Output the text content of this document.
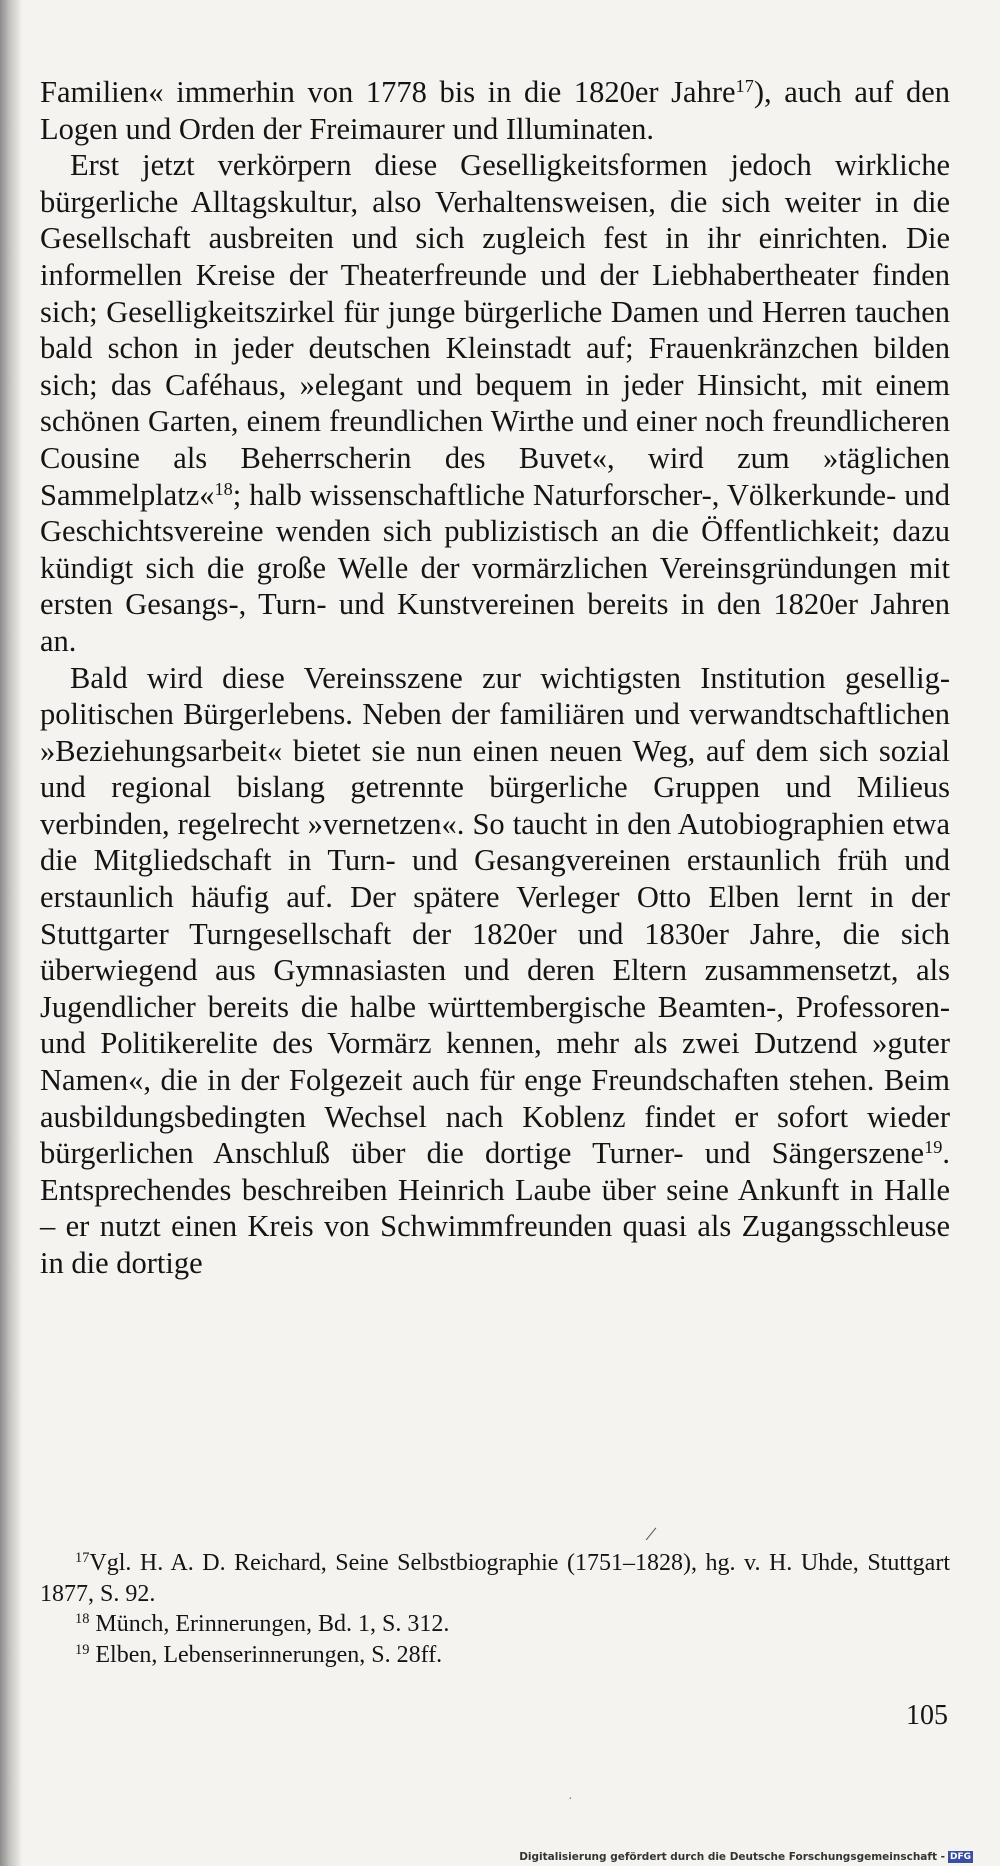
Familien« immerhin von 1778 bis in die 1820er Jahre$^{17}$), auch auf den Logen und Orden der Freimaurer und Illuminaten.

Erst jetzt verkörpern diese Geselligkeitsformen jedoch wirkliche bürgerliche Alltagskultur, also Verhaltensweisen, die sich weiter in die Gesellschaft ausbreiten und sich zugleich fest in ihr einrichten. Die informellen Kreise der Theaterfreunde und der Liebhabertheater finden sich; Geselligkeitszirkel für junge bürgerliche Damen und Herren tauchen bald schon in jeder deutschen Kleinstadt auf; Frauenkränzchen bilden sich; das Caféhaus, »elegant und bequem in jeder Hinsicht, mit einem schönen Garten, einem freundlichen Wirthe und einer noch freundlicheren Cousine als Beherrscherin des Buvet«, wird zum »täglichen Sammelplatz«$^{18}$; halb wissenschaftliche Naturforscher-, Völkerkunde- und Geschichtsvereine wenden sich publizistisch an die Öffentlichkeit; dazu kündigt sich die große Welle der vormärzlichen Vereinsgründungen mit ersten Gesangs-, Turn- und Kunstvereinen bereits in den 1820er Jahren an.

Bald wird diese Vereinsszene zur wichtigsten Institution gesellig-politischen Bürgerlebens. Neben der familiären und verwandtschaftlichen »Beziehungsarbeit« bietet sie nun einen neuen Weg, auf dem sich sozial und regional bislang getrennte bürgerliche Gruppen und Milieus verbinden, regelrecht »vernetzen«. So taucht in den Autobiographien etwa die Mitgliedschaft in Turn- und Gesangvereinen erstaunlich früh und erstaunlich häufig auf. Der spätere Verleger Otto Elben lernt in der Stuttgarter Turngesellschaft der 1820er und 1830er Jahre, die sich überwiegend aus Gymnasiasten und deren Eltern zusammensetzt, als Jugendlicher bereits die halbe württembergische Beamten-, Professoren- und Politikerelite des Vormärz kennen, mehr als zwei Dutzend »guter Namen«, die in der Folgezeit auch für enge Freundschaften stehen. Beim ausbildungsbedingten Wechsel nach Koblenz findet er sofort wieder bürgerlichen Anschluß über die dortige Turner- und Sängerszene$^{19}$. Entsprechendes beschreiben Heinrich Laube über seine Ankunft in Halle – er nutzt einen Kreis von Schwimmfreunden quasi als Zugangsschleuse in die dortige

/

$^{17}$Vgl. H. A. D. Reichard, Seine Selbstbiographie (1751–1828), hg. v. H. Uhde, Stuttgart 1877, S. 92.

$^{18}$ Münch, Erinnerungen, Bd. 1, S. 312.

$^{19}$ Elben, Lebenserinnerungen, S. 28ff.

105
·
Digitalisierung gefördert durch die Deutsche Forschungsgemeinschaft - DFG
